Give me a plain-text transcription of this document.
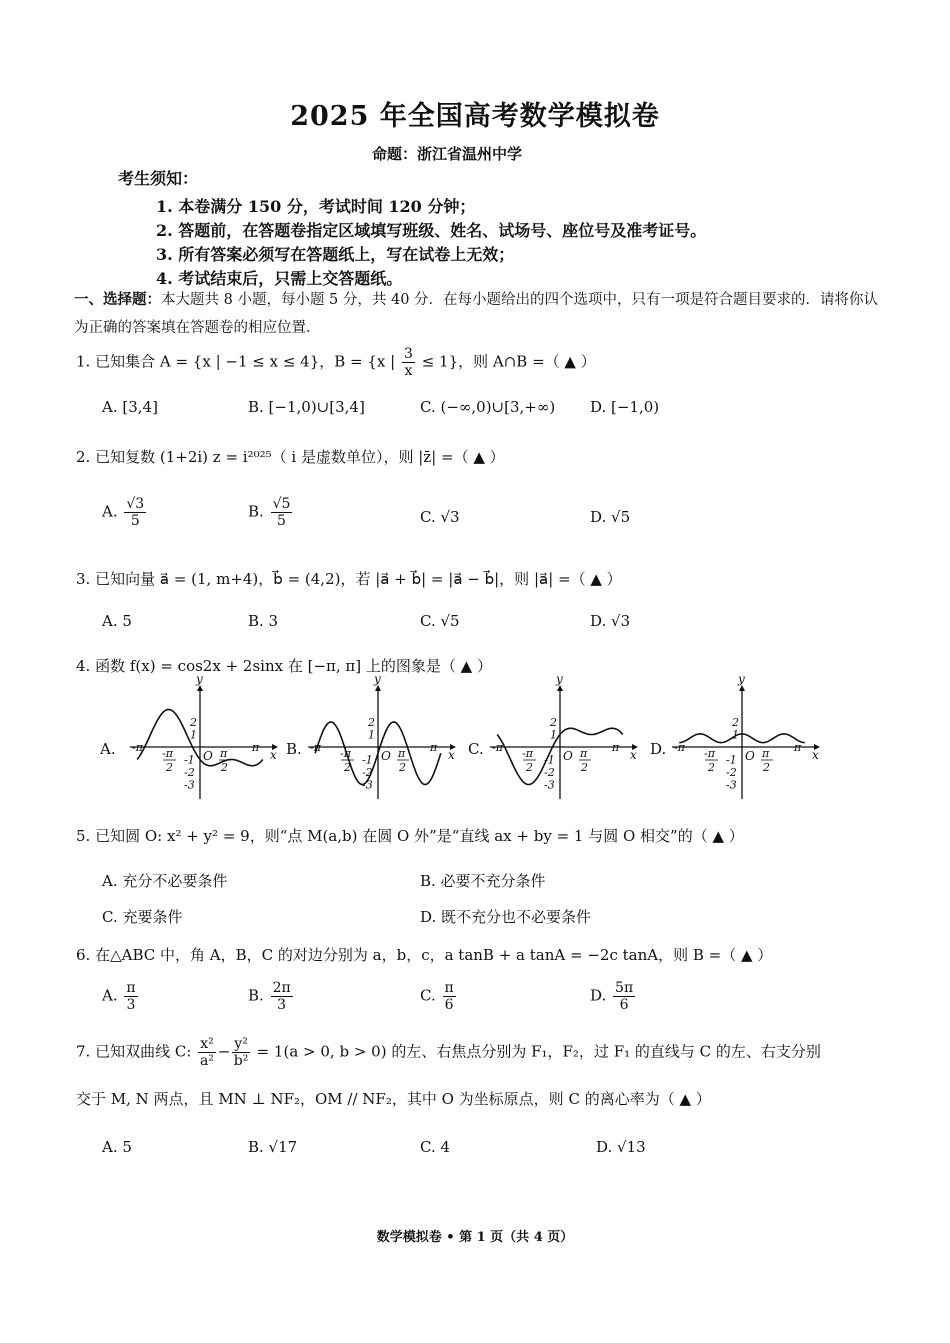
2025 年全国高考数学模拟卷
命题：浙江省温州中学
考生须知：
1. 本卷满分 150 分，考试时间 120 分钟；
2. 答题前，在答题卷指定区域填写班级、姓名、试场号、座位号及准考证号。
3. 所有答案必须写在答题纸上，写在试卷上无效；
4. 考试结束后，只需上交答题纸。
一、选择题：本大题共 8 小题，每小题 5 分，共 40 分．在每小题给出的四个选项中，只有一项是符合题目要求的．请将你认为正确的答案填在答题卷的相应位置．
1. 已知集合 A = {x | −1 ≤ x ≤ 4}，B = {x | $\frac{3}{x} \le 1$}，则 A∩B =（ ▲ ）
A. [3,4]	B. [−1,0)∪[3,4]	C. (−∞,0)∪[3,+∞) D. [−1,0)
2. 已知复数 (1+2i) z = i²⁰²⁵（ i 是虚数单位），则 |z̄| =（ ▲ ）
A. $\frac{√3}{5}$	B. $\frac{√5}{5}$	C. √3	D. √5
3. 已知向量 a⃗ = (1, m+4)，b⃗ = (4,2)，若 |a⃗ + b⃗| = |a⃗ − b⃗|，则 |a⃗| =（ ▲ ）
A. 5	B. 3	C. √5	D. √3
4. 函数 f(x) = cos2x + 2sinx 在 [−π, π] 上的图象是（ ▲ ）
A.	B.	C.	D.
y
x
O
-π	π
-π
2
π
2
2
1
-1
-2
-3
y
x
O
-π	π
-π
2
π
2
2
1
-1
-2
-3
y
x
O
-π	π
-π
2
π
2
2
1
-1
-2
-3
y
x
O
-π	π
-π
2
π
2
2
1
-1
-2
-3
5. 已知圆 O: x² + y² = 9，则“点 M(a,b) 在圆 O 外”是“直线 ax + by = 1 与圆 O 相交”的（ ▲ ）
A. 充分不必要条件	B. 必要不充分条件
C. 充要条件	D. 既不充分也不必要条件
6. 在△ABC 中，角 A，B，C 的对边分别为 a，b，c，a tanB + a tanA = −2c tanA，则 B =（ ▲ ）
A. $\frac{\pi}{3}$	B. $\frac{2\pi}{3}$	C. $\frac{\pi}{6}$	D. $\frac{5\pi}{6}$
7. 已知双曲线 C: $\frac{\text{x²}}{\text{a²}} - \frac{\text{y²}}{\text{b²}} = 1(a > 0$, b > 0) 的左、右焦点分别为 F₁，F₂，过 F₁ 的直线与 C 的左、右支分别
交于 M, N 两点，且 MN ⊥ NF₂，OM // NF₂，其中 O 为坐标原点，则 C 的离心率为（ ▲ ）
A. 5	B. √17	C. 4	D. √13
数学模拟卷 • 第 1 页（共 4 页）
